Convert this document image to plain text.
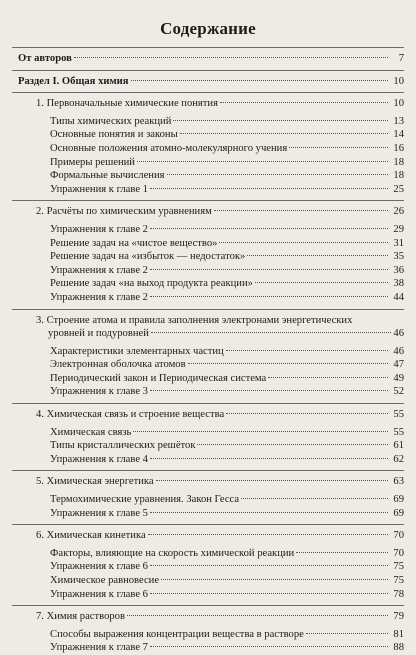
Содержание
От авторов	7
Раздел I. Общая химия	10
1. Первоначальные химические понятия	10
Типы химических реакций	13
Основные понятия и законы	14
Основные положения атомно-молекулярного учения	16
Примеры решений	18
Формальные вычисления	18
Упражнения к главе 1	25
2. Расчёты по химическим уравнениям	26
Упражнения к главе 2	29
Решение задач на «чистое вещество»	31
Решение задач на «избыток — недостаток»	35
Упражнения к главе 2	36
Решение задач «на выход продукта реакции»	38
Упражнения к главе 2	44
3. Строение атома и правила заполнения электронами энергетических
уровней и подуровней	46
Характеристики элементарных частиц	46
Электронная оболочка атомов	47
Периодический закон и Периодическая система	49
Упражнения к главе 3	52
4. Химическая связь и строение вещества	55
Химическая связь	55
Типы кристаллических решёток	61
Упражнения к главе 4	62
5. Химическая энергетика	63
Термохимические уравнения. Закон Гесса	69
Упражнения к главе 5	69
6. Химическая кинетика	70
Факторы, влияющие на скорость химической реакции	70
Упражнения к главе 6	75
Химическое равновесие	75
Упражнения к главе 6	78
7. Химия растворов	79
Способы выражения концентрации вещества в растворе	81
Упражнения к главе 7	88
